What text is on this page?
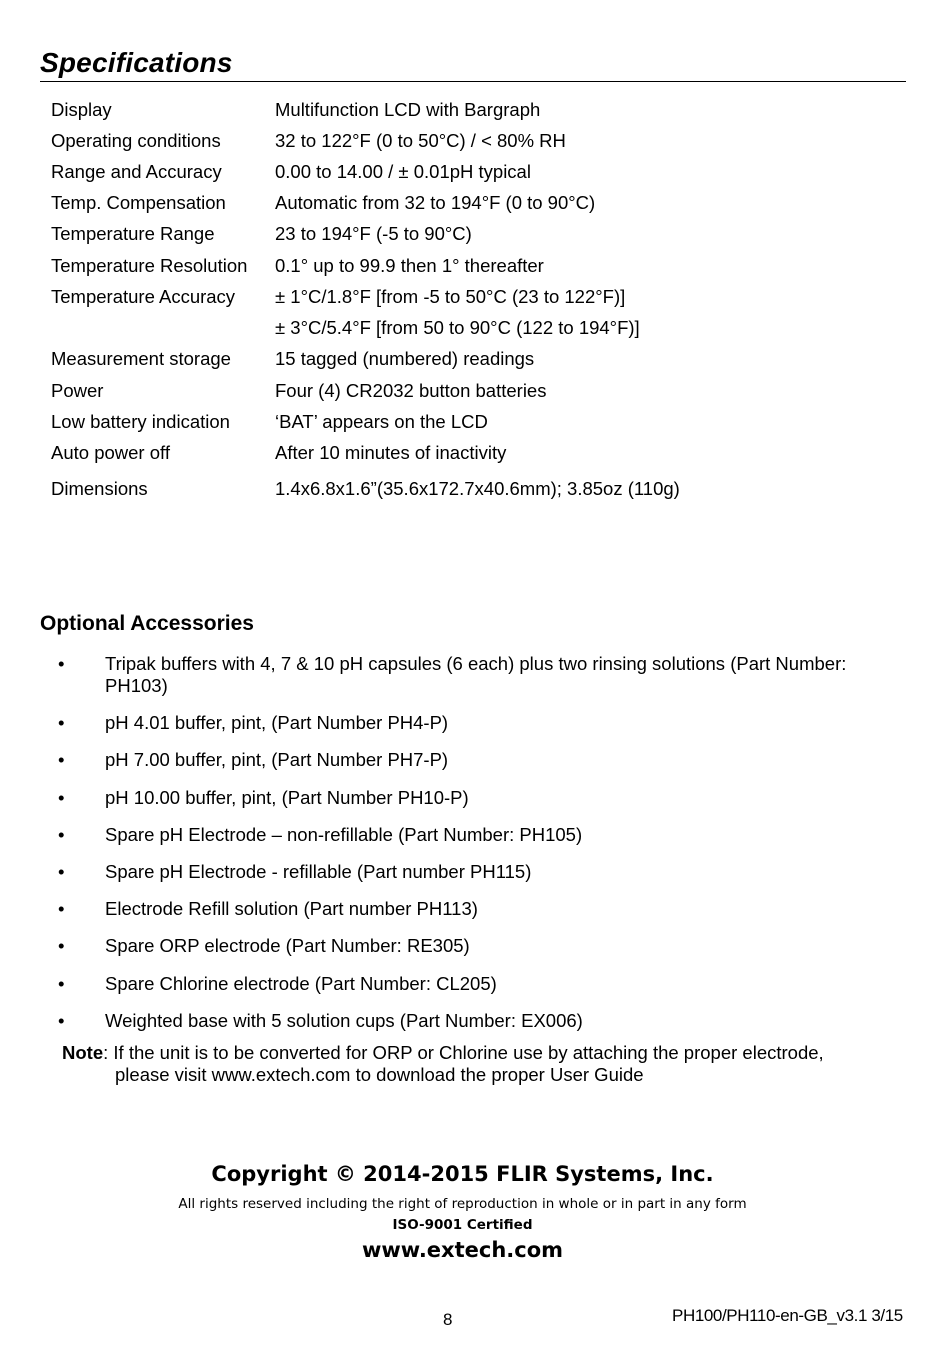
Specifications
Display	Multifunction LCD with Bargraph
Operating conditions	32 to 122°F (0 to 50°C) / < 80% RH
Range and Accuracy	0.00 to 14.00 / ± 0.01pH typical
Temp. Compensation	Automatic from 32 to 194°F (0 to 90°C)
Temperature Range	23 to 194°F (-5 to 90°C)
Temperature Resolution 0.1° up to 99.9 then 1° thereafter
Temperature Accuracy ± 1°C/1.8°F [from -5 to 50°C (23 to 122°F)]
± 3°C/5.4°F [from 50 to 90°C (122 to 194°F)]
Measurement storage 15 tagged (numbered) readings
Power	Four (4) CR2032 button batteries
Low battery indication ‘BAT’ appears on the LCD
Auto power off	After 10 minutes of inactivity
Dimensions	1.4x6.8x1.6”(35.6x172.7x40.6mm); 3.85oz (110g)
Optional Accessories
•	Tripak buffers with 4, 7 & 10 pH capsules (6 each) plus two rinsing solutions (Part Number: PH103)
•	pH 4.01 buffer, pint, (Part Number PH4-P)
•	pH 7.00 buffer, pint, (Part Number PH7-P)
•	pH 10.00 buffer, pint, (Part Number PH10-P)
•	Spare pH Electrode – non-refillable (Part Number: PH105)
•	Spare pH Electrode - refillable (Part number PH115)
•	Electrode Refill solution (Part number PH113)
•	Spare ORP electrode (Part Number: RE305)
•	Spare Chlorine electrode (Part Number: CL205)
•	Weighted base with 5 solution cups (Part Number: EX006)
Note: If the unit is to be converted for ORP or Chlorine use by attaching the proper electrode,
please visit www.extech.com to download the proper User Guide
Copyright © 2014-2015 FLIR Systems, Inc.
All rights reserved including the right of reproduction in whole or in part in any form
ISO-9001 Certified
www.extech.com
8	PH100/PH110-en-GB_v3.1 3/15
